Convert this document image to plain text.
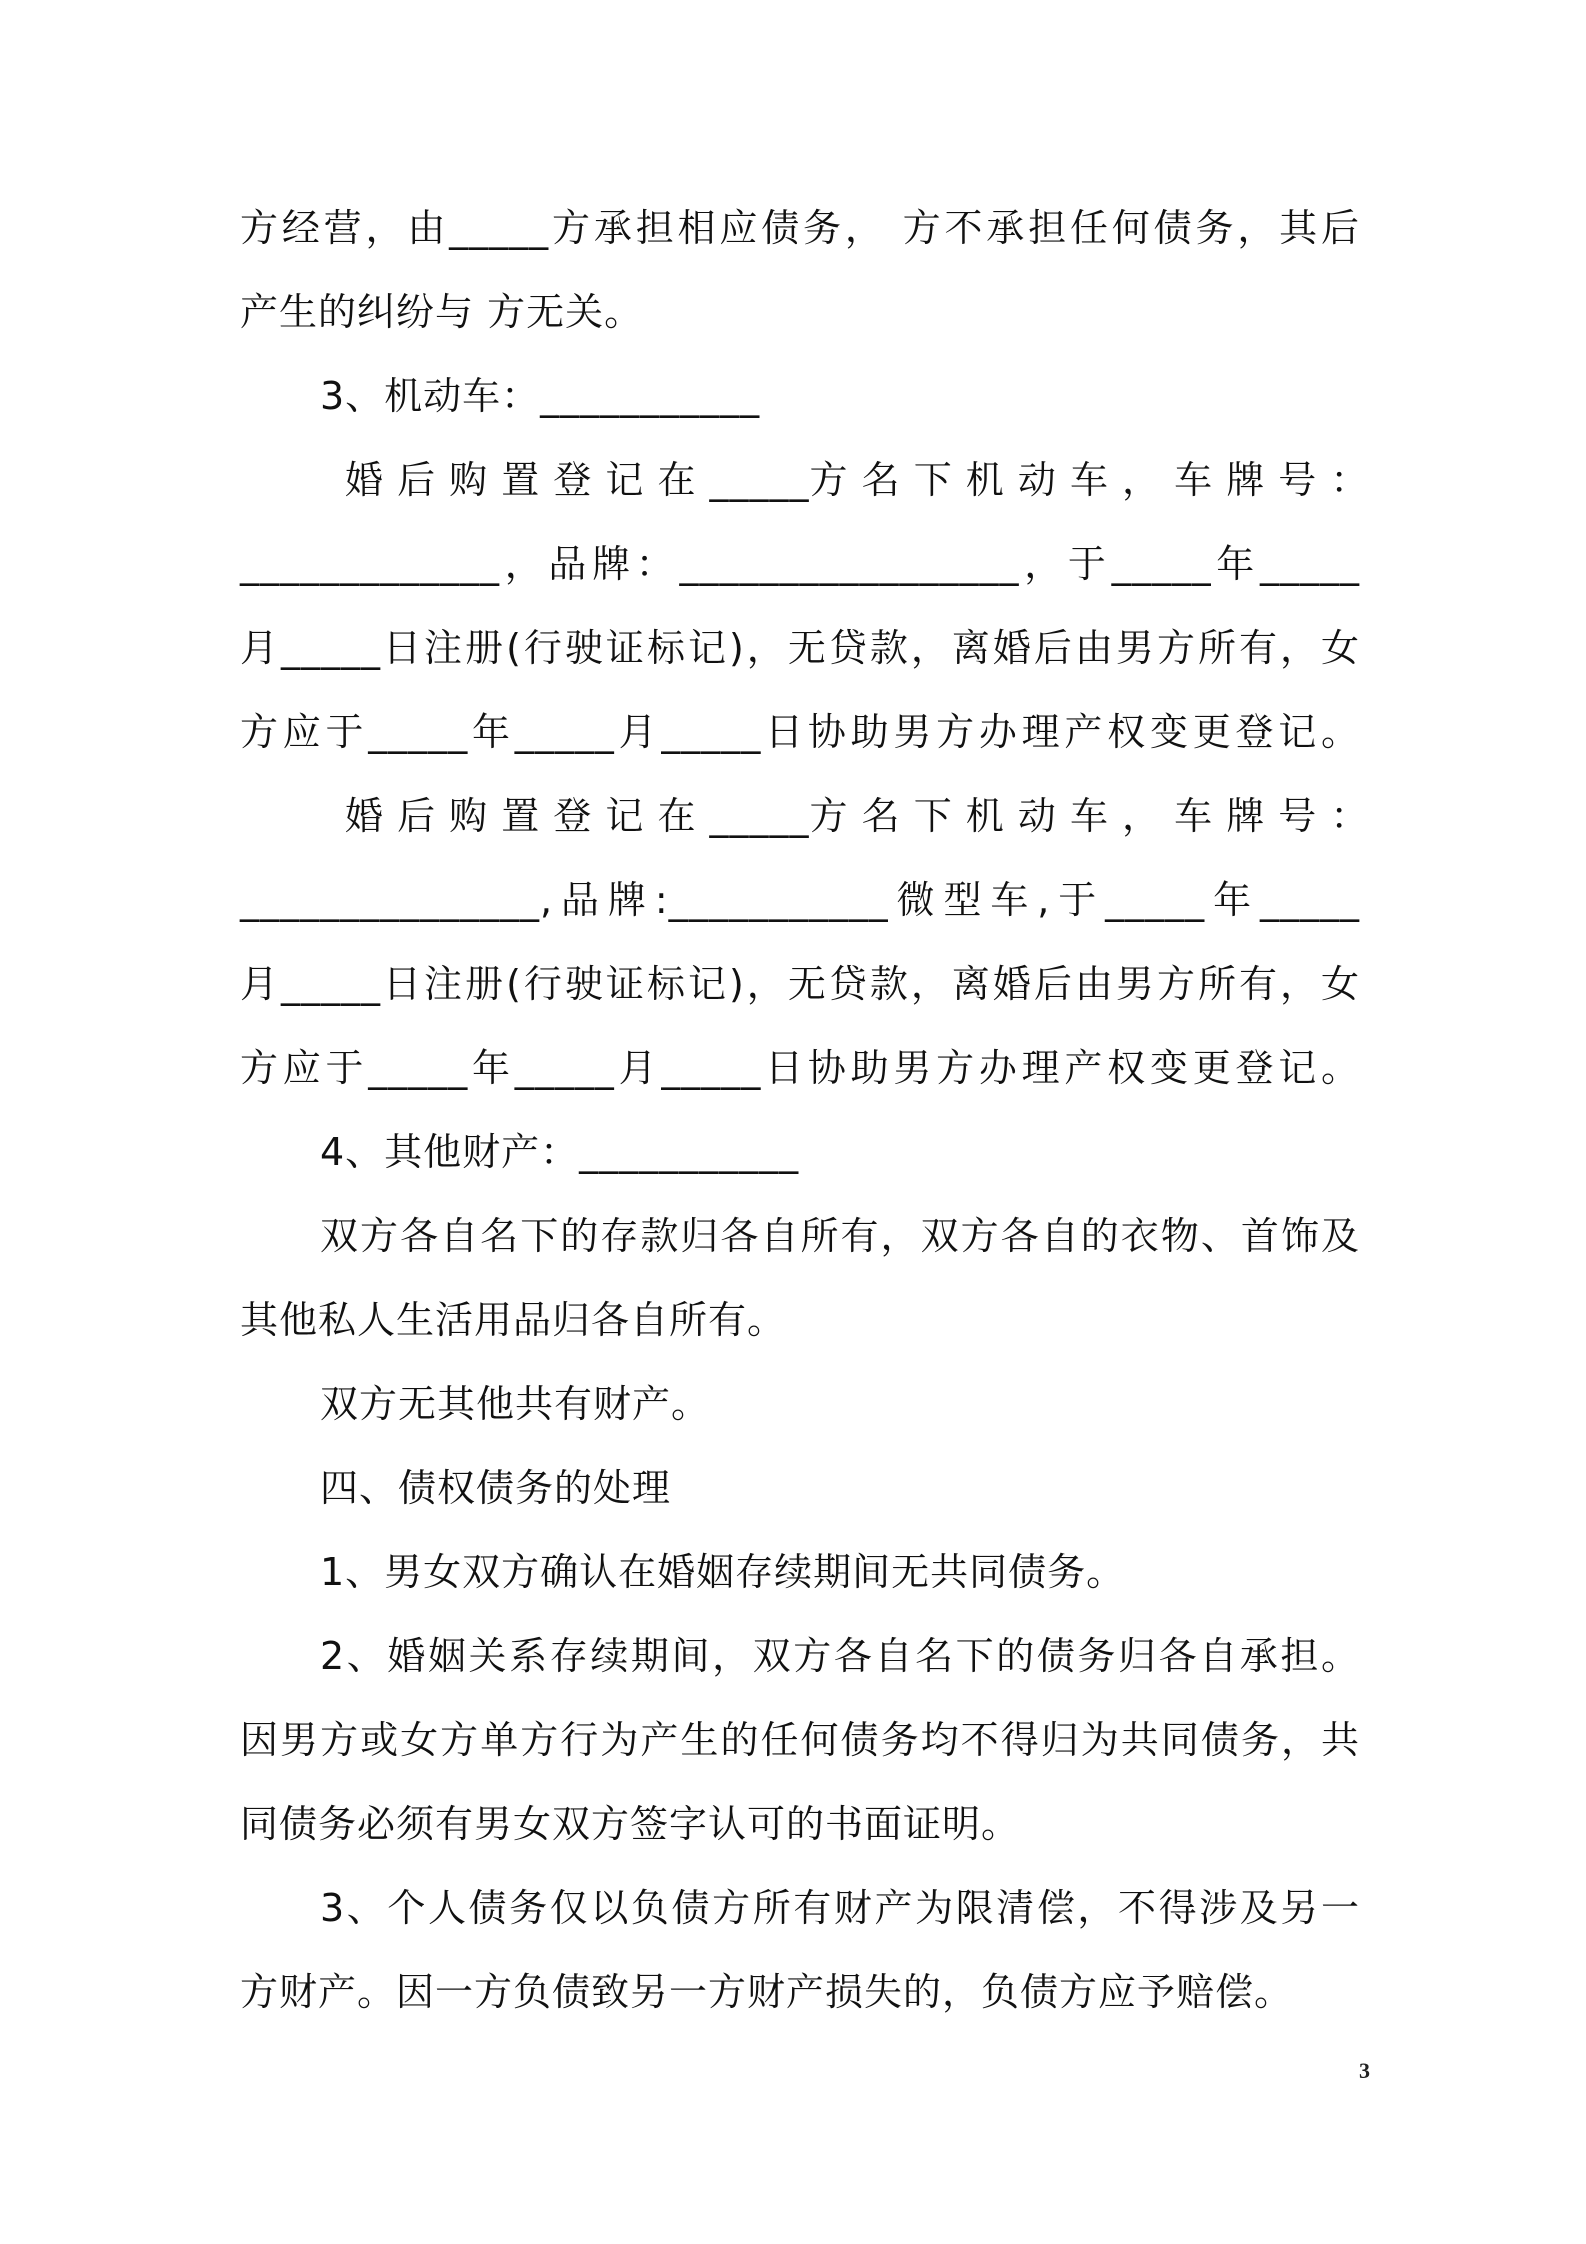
方经营，由_____方承担相应债务， 方不承担任何债务，其后
产生的纠纷与 方无关。
3、机动车：___________
婚 后 购 置 登 记 在 _____方 名 下 机 动 车 ， 车 牌 号 ：
_____________，品牌：_________________，于_____年_____
月_____日注册(行驶证标记)，无贷款，离婚后由男方所有，女
方应于_____年_____月_____日协助男方办理产权变更登记。
婚 后 购 置 登 记 在 _____方 名 下 机 动 车 ， 车 牌 号 ：
_______________,品牌:___________微型车,于_____年_____
月_____日注册(行驶证标记)，无贷款，离婚后由男方所有，女
方应于_____年_____月_____日协助男方办理产权变更登记。
4、其他财产：___________
双方各自名下的存款归各自所有，双方各自的衣物、首饰及
其他私人生活用品归各自所有。
双方无其他共有财产。
四、债权债务的处理
1、男女双方确认在婚姻存续期间无共同债务。
2、婚姻关系存续期间，双方各自名下的债务归各自承担。
因男方或女方单方行为产生的任何债务均不得归为共同债务，共
同债务必须有男女双方签字认可的书面证明。
3、个人债务仅以负债方所有财产为限清偿，不得涉及另一
方财产。因一方负债致另一方财产损失的，负债方应予赔偿。
3
